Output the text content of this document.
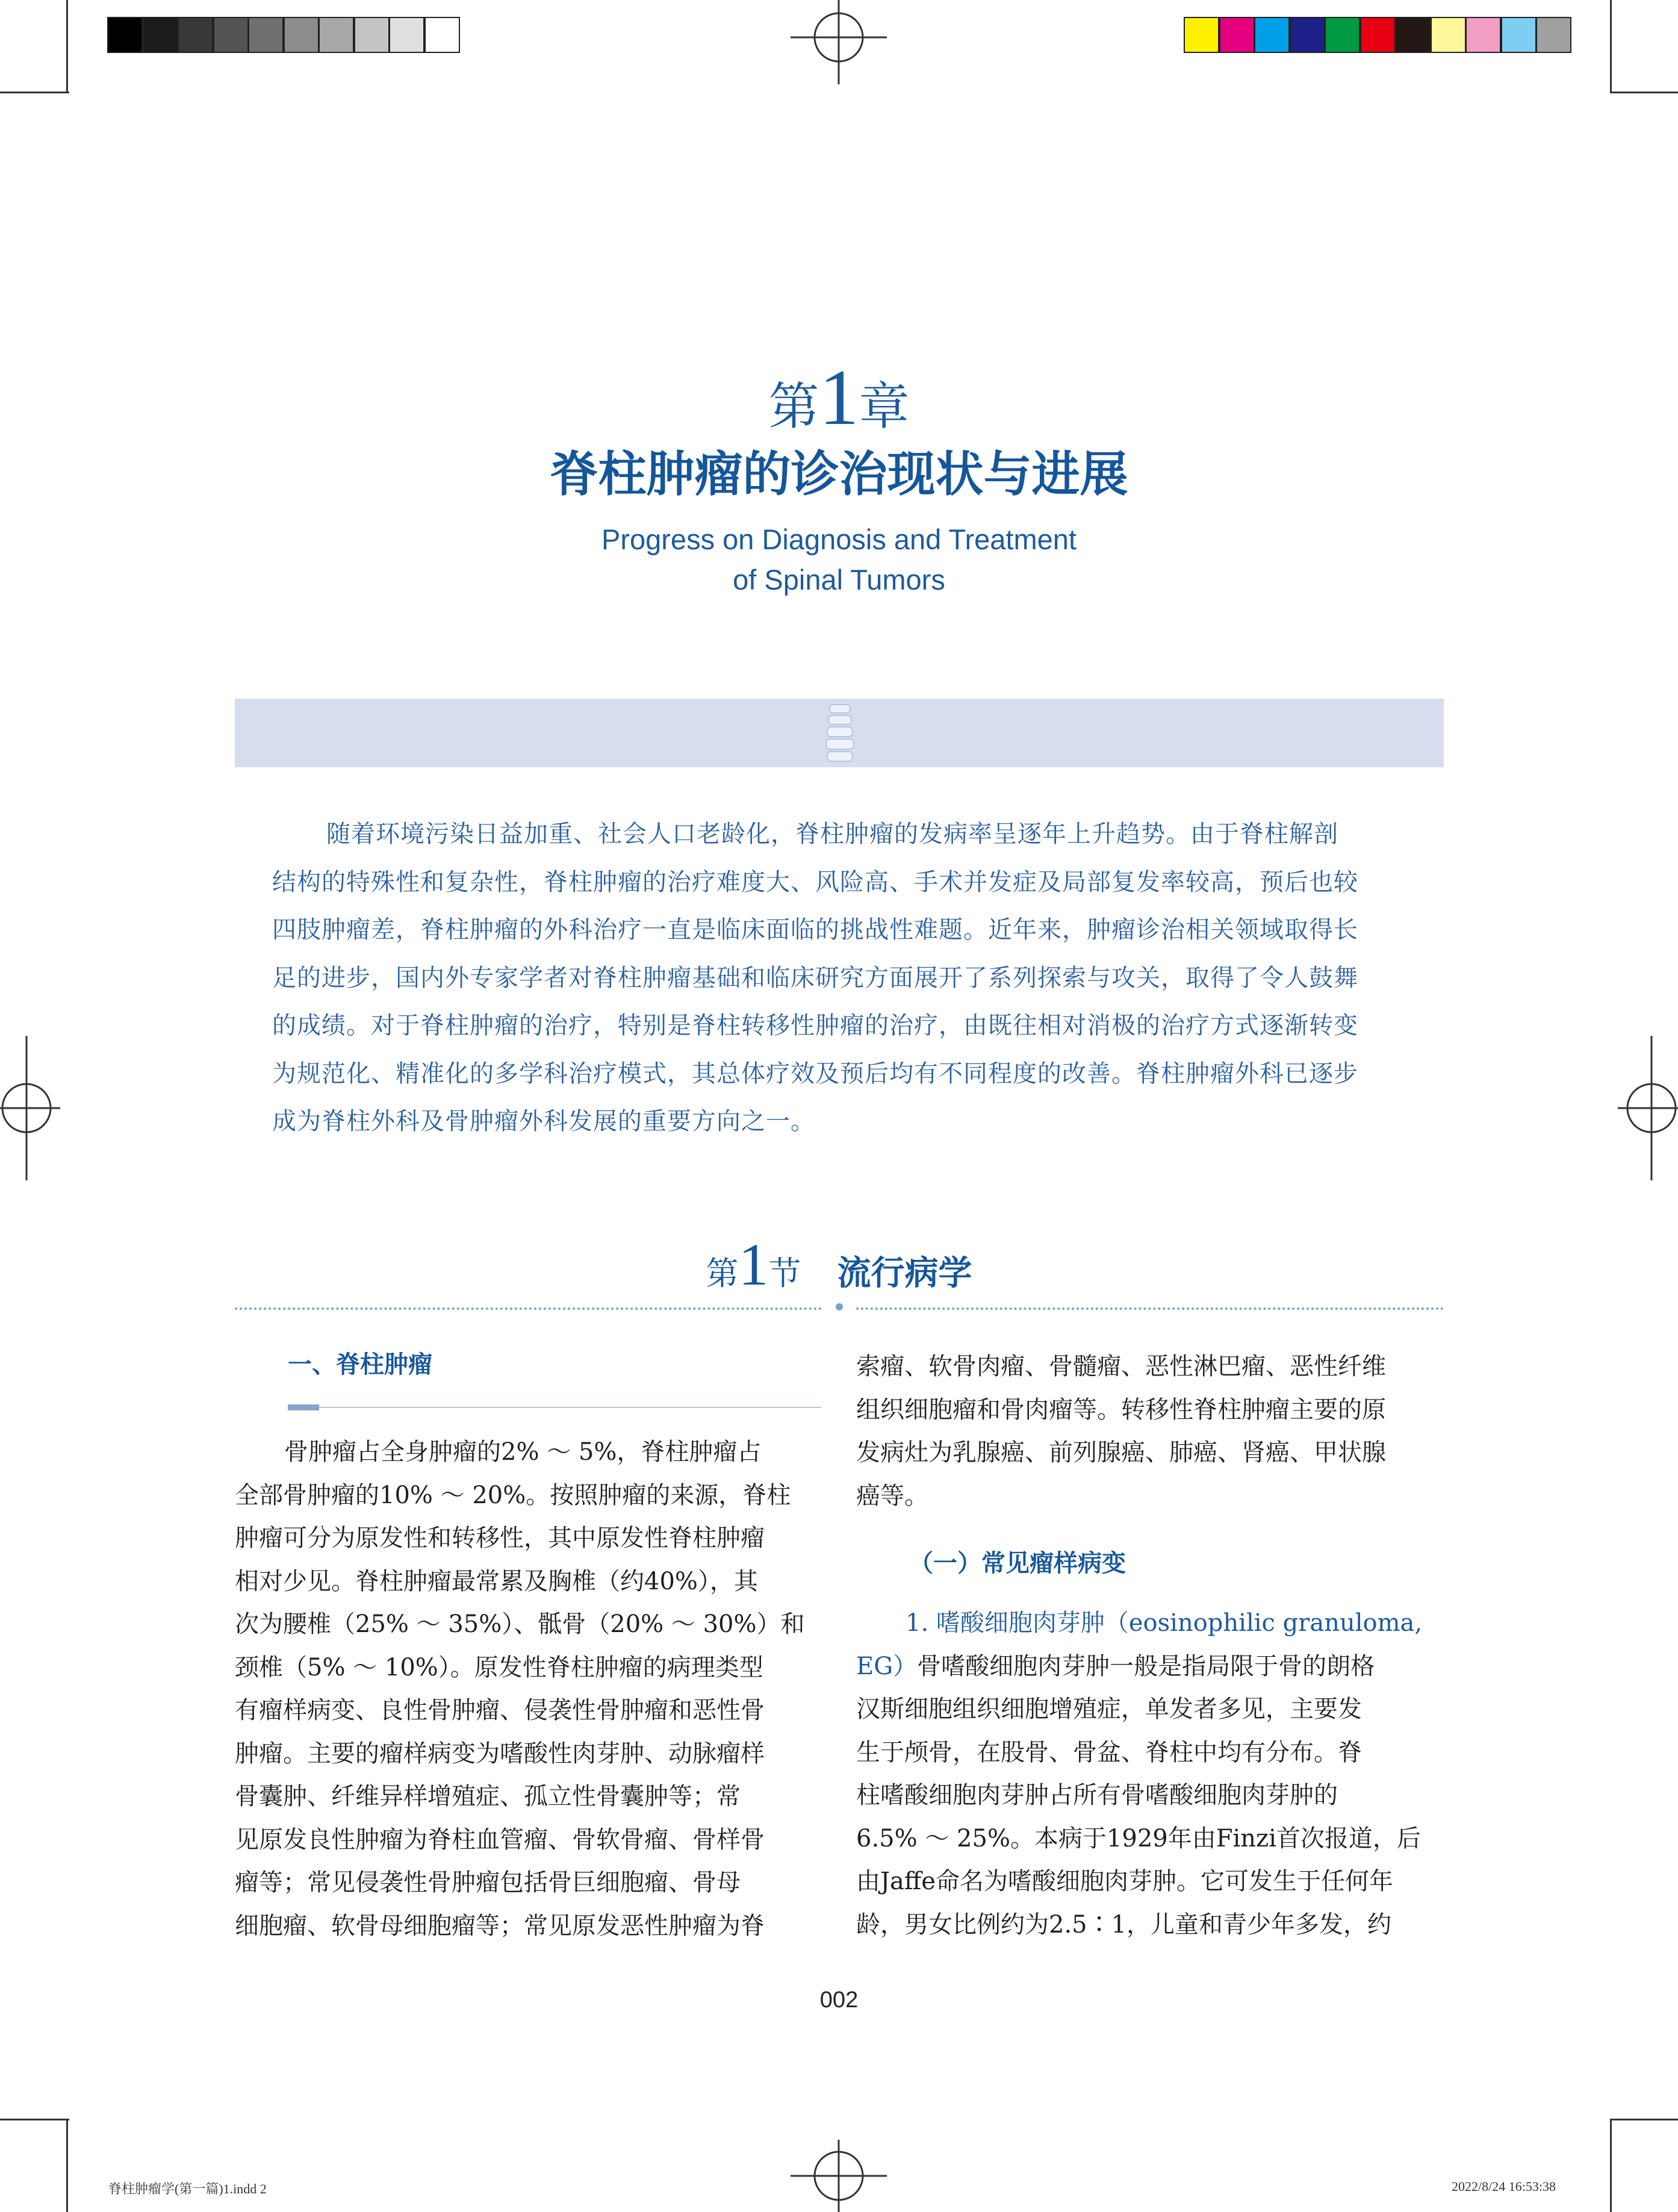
第1章
脊柱肿瘤的诊治现状与进展
Progress on Diagnosis and Treatment
of Spinal Tumors
随着环境污染日益加重、社会人口老龄化，脊柱肿瘤的发病率呈逐年上升趋势。由于脊柱解剖
结构的特殊性和复杂性，脊柱肿瘤的治疗难度大、风险高、手术并发症及局部复发率较高，预后也较
四肢肿瘤差，脊柱肿瘤的外科治疗一直是临床面临的挑战性难题。近年来，肿瘤诊治相关领域取得长
足的进步，国内外专家学者对脊柱肿瘤基础和临床研究方面展开了系列探索与攻关，取得了令人鼓舞
的成绩。对于脊柱肿瘤的治疗，特别是脊柱转移性肿瘤的治疗，由既往相对消极的治疗方式逐渐转变
为规范化、精准化的多学科治疗模式，其总体疗效及预后均有不同程度的改善。脊柱肿瘤外科已逐步
成为脊柱外科及骨肿瘤外科发展的重要方向之一。
第1节 流行病学
一、脊柱肿瘤
骨肿瘤占全身肿瘤的2% ～ 5%，脊柱肿瘤占
全部骨肿瘤的10% ～ 20%。按照肿瘤的来源，脊柱
肿瘤可分为原发性和转移性，其中原发性脊柱肿瘤
相对少见。脊柱肿瘤最常累及胸椎（约40%），其
次为腰椎（25% ～ 35%）、骶骨（20% ～ 30%）和
颈椎（5% ～ 10%）。原发性脊柱肿瘤的病理类型
有瘤样病变、良性骨肿瘤、侵袭性骨肿瘤和恶性骨
肿瘤。主要的瘤样病变为嗜酸性肉芽肿、动脉瘤样
骨囊肿、纤维异样增殖症、孤立性骨囊肿等；常
见原发良性肿瘤为脊柱血管瘤、骨软骨瘤、骨样骨
瘤等；常见侵袭性骨肿瘤包括骨巨细胞瘤、骨母
细胞瘤、软骨母细胞瘤等；常见原发恶性肿瘤为脊
索瘤、软骨肉瘤、骨髓瘤、恶性淋巴瘤、恶性纤维
组织细胞瘤和骨肉瘤等。转移性脊柱肿瘤主要的原
发病灶为乳腺癌、前列腺癌、肺癌、肾癌、甲状腺
癌等。
（一）常见瘤样病变
1. 嗜酸细胞肉芽肿（eosinophilic granuloma,
EG）骨嗜酸细胞肉芽肿一般是指局限于骨的朗格
汉斯细胞组织细胞增殖症，单发者多见，主要发
生于颅骨，在股骨、骨盆、脊柱中均有分布。脊
柱嗜酸细胞肉芽肿占所有骨嗜酸细胞肉芽肿的
6.5% ～ 25%。本病于1929年由Finzi首次报道，后
由Jaffe命名为嗜酸细胞肉芽肿。它可发生于任何年
龄，男女比例约为2.5∶1，儿童和青少年多发，约
002
脊柱肿瘤学(第一篇)1.indd 2	2022/8/24 16:53:38
